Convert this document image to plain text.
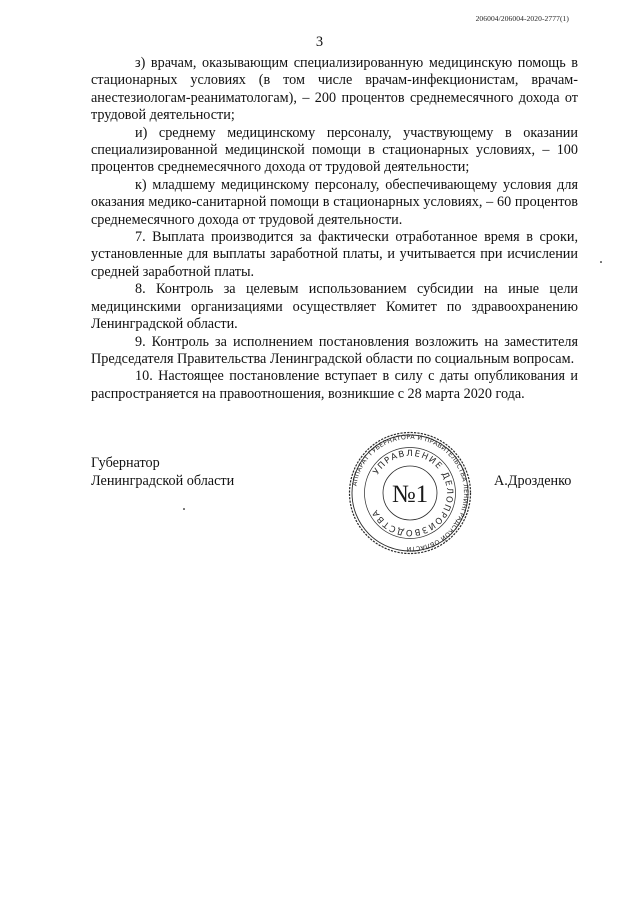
206004/206004-2020-2777(1)
3

з) врачам, оказывающим специализированную медицинскую помощь в стационарных условиях (в том числе врачам-инфекционистам, врачам-анестезиологам-реаниматологам), – 200 процентов среднемесячного дохода от трудовой деятельности;

и) среднему медицинскому персоналу, участвующему в оказании специализированной медицинской помощи в стационарных условиях, – 100 процентов среднемесячного дохода от трудовой деятельности;

к) младшему медицинскому персоналу, обеспечивающему условия для оказания медико-санитарной помощи в стационарных условиях, – 60 процентов среднемесячного дохода от трудовой деятельности.

7. Выплата производится за фактически отработанное время в сроки, установленные для выплаты заработной платы, и учитывается при исчислении средней заработной платы.

8. Контроль за целевым использованием субсидии на иные цели медицинскими организациями осуществляет Комитет по здравоохранению Ленинградской области.

9. Контроль за исполнением постановления возложить на заместителя Председателя Правительства Ленинградской области по социальным вопросам.

10. Настоящее постановление вступает в силу с даты опубликования и распространяется на правоотношения, возникшие с 28 марта 2020 года.

Губернатор
Ленинградской области	АППАРАТ ГУБЕРНАТОРА И ПРАВИТЕЛЬСТВА ЛЕНИНГРАДСКОЙ ОБЛАСТИ
УПРАВЛЕНИЕ ДЕЛОПРОИЗВОДСТВА
№1	А.Дрозденко
